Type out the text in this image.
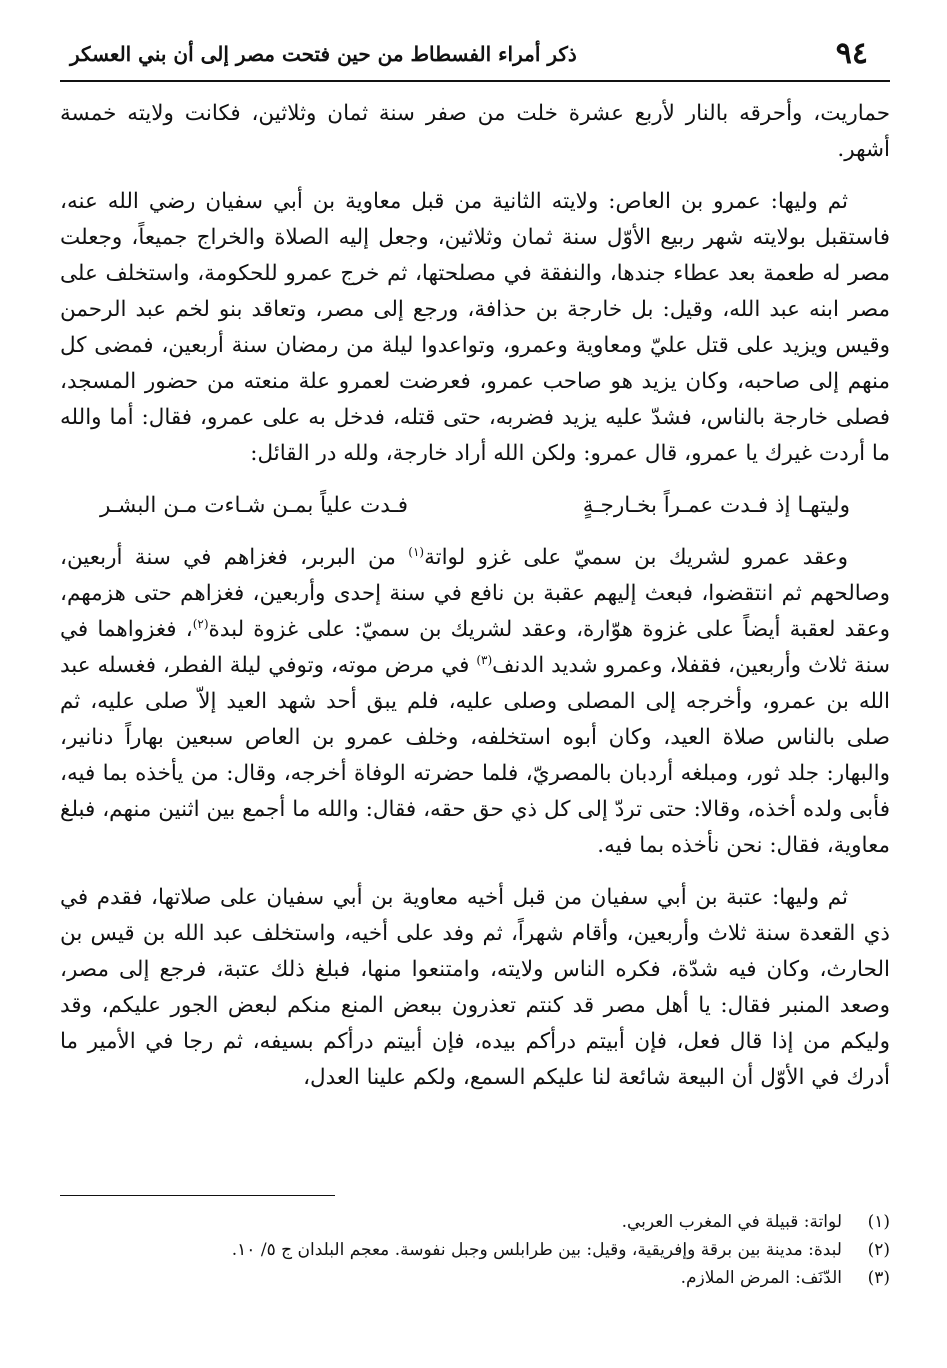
٩٤
ذكر أمراء الفسطاط من حين فتحت مصر إلى أن بني العسكر

حماريت، وأحرقه بالنار لأربع عشرة خلت من صفر سنة ثمان وثلاثين، فكانت ولايته خمسة أشهر.

ثم وليها: عمرو بن العاص: ولايته الثانية من قبل معاوية بن أبي سفيان رضي الله عنه، فاستقبل بولايته شهر ربيع الأوّل سنة ثمان وثلاثين، وجعل إليه الصلاة والخراج جميعاً، وجعلت مصر له طعمة بعد عطاء جندها، والنفقة في مصلحتها، ثم خرج عمرو للحكومة، واستخلف على مصر ابنه عبد الله، وقيل: بل خارجة بن حذافة، ورجع إلى مصر، وتعاقد بنو لخم عبد الرحمن وقيس ويزيد على قتل عليّ ومعاوية وعمرو، وتواعدوا ليلة من رمضان سنة أربعين، فمضى كل منهم إلى صاحبه، وكان يزيد هو صاحب عمرو، فعرضت لعمرو علة منعته من حضور المسجد، فصلى خارجة بالناس، فشدّ عليه يزيد فضربه، حتى قتله، فدخل به على عمرو، فقال: أما والله ما أردت غيرك يا عمرو، قال عمرو: ولكن الله أراد خارجة، ولله در القائل:

وليتهـا إذ فـدت عمـراً بخـارجـةٍ
فـدت علياً بمـن شـاءت مـن البشـر

وعقد عمرو لشريك بن سميّ على غزو لواتة$^{(١)}$ من البربر، فغزاهم في سنة أربعين، وصالحهم ثم انتقضوا، فبعث إليهم عقبة بن نافع في سنة إحدى وأربعين، فغزاهم حتى هزمهم، وعقد لعقبة أيضاً على غزوة هوّارة، وعقد لشريك بن سميّ: على غزوة لبدة$^{(٢)}$، فغزواهما في سنة ثلاث وأربعين، فقفلا، وعمرو شديد الدنف$^{(٣)}$ في مرض موته، وتوفي ليلة الفطر، فغسله عبد الله بن عمرو، وأخرجه إلى المصلى وصلى عليه، فلم يبق أحد شهد العيد إلاّ صلى عليه، ثم صلى بالناس صلاة العيد، وكان أبوه استخلفه، وخلف عمرو بن العاص سبعين بهاراً دنانير، والبهار: جلد ثور، ومبلغه أردبان بالمصريّ، فلما حضرته الوفاة أخرجه، وقال: من يأخذه بما فيه، فأبى ولده أخذه، وقالا: حتى تردّ إلى كل ذي حق حقه، فقال: والله ما أجمع بين اثنين منهم، فبلغ معاوية، فقال: نحن نأخذه بما فيه.

ثم وليها: عتبة بن أبي سفيان من قبل أخيه معاوية بن أبي سفيان على صلاتها، فقدم في ذي القعدة سنة ثلاث وأربعين، وأقام شهراً، ثم وفد على أخيه، واستخلف عبد الله بن قيس بن الحارث، وكان فيه شدّة، فكره الناس ولايته، وامتنعوا منها، فبلغ ذلك عتبة، فرجع إلى مصر، وصعد المنبر فقال: يا أهل مصر قد كنتم تعذرون ببعض المنع منكم لبعض الجور عليكم، وقد وليكم من إذا قال فعل، فإن أبيتم درأكم بيده، فإن أبيتم درأكم بسيفه، ثم رجا في الأمير ما أدرك في الأوّل أن البيعة شائعة لنا عليكم السمع، ولكم علينا العدل،

(١)
لواتة: قبيلة في المغرب العربي.
(٢)
لبدة: مدينة بين برقة وإفريقية، وقيل: بين طرابلس وجبل نفوسة. معجم البلدان ج ٥/ ١٠.
(٣)
الدّنَف: المرض الملازم.
